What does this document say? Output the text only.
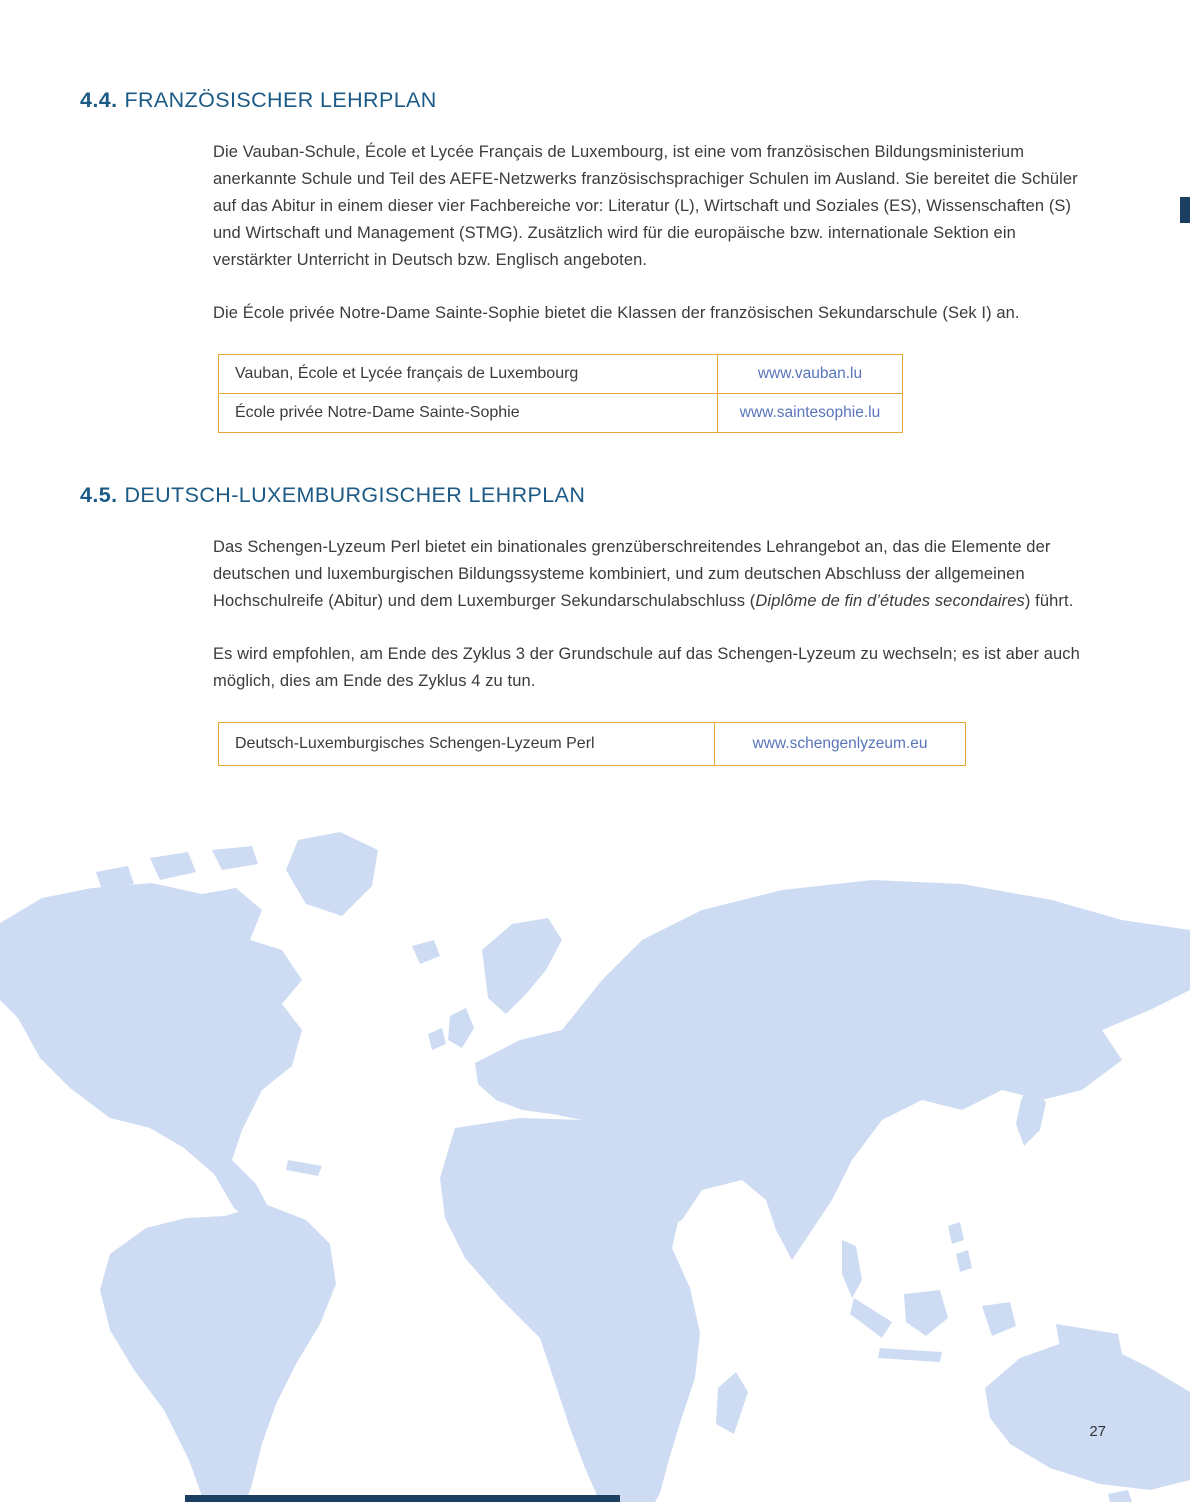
4.4. FRANZÖSISCHER LEHRPLAN

Die Vauban-Schule, École et Lycée Français de Luxembourg, ist eine vom französischen Bildungsministerium anerkannte Schule und Teil des AEFE-Netzwerks französischsprachiger Schulen im Ausland. Sie bereitet die Schüler auf das Abitur in einem dieser vier Fachbereiche vor: Literatur (L), Wirtschaft und Soziales (ES), Wissenschaften (S) und Wirtschaft und Management (STMG). Zusätzlich wird für die europäische bzw. internationale Sektion ein verstärkter Unterricht in Deutsch bzw. Englisch angeboten.

Die École privée Notre-Dame Sainte-Sophie bietet die Klassen der französischen Sekundarschule (Sek I) an.

Vauban, École et Lycée français de Luxembourg	www.vauban.lu
École privée Notre-Dame Sainte-Sophie	www.saintesophie.lu
4.5. DEUTSCH-LUXEMBURGISCHER LEHRPLAN

Das Schengen-Lyzeum Perl bietet ein binationales grenzüberschreitendes Lehrangebot an, das die Elemente der deutschen und luxemburgischen Bildungssysteme kombiniert, und zum deutschen Abschluss der allgemeinen Hochschulreife (Abitur) und dem Luxemburger Sekundarschulabschluss (Diplôme de fin d’études secondaires) führt.

Es wird empfohlen, am Ende des Zyklus 3 der Grundschule auf das Schengen-Lyzeum zu wechseln; es ist aber auch möglich, dies am Ende des Zyklus 4 zu tun.

Deutsch-Luxemburgisches Schengen-Lyzeum Perl	www.schengenlyzeum.eu
27
